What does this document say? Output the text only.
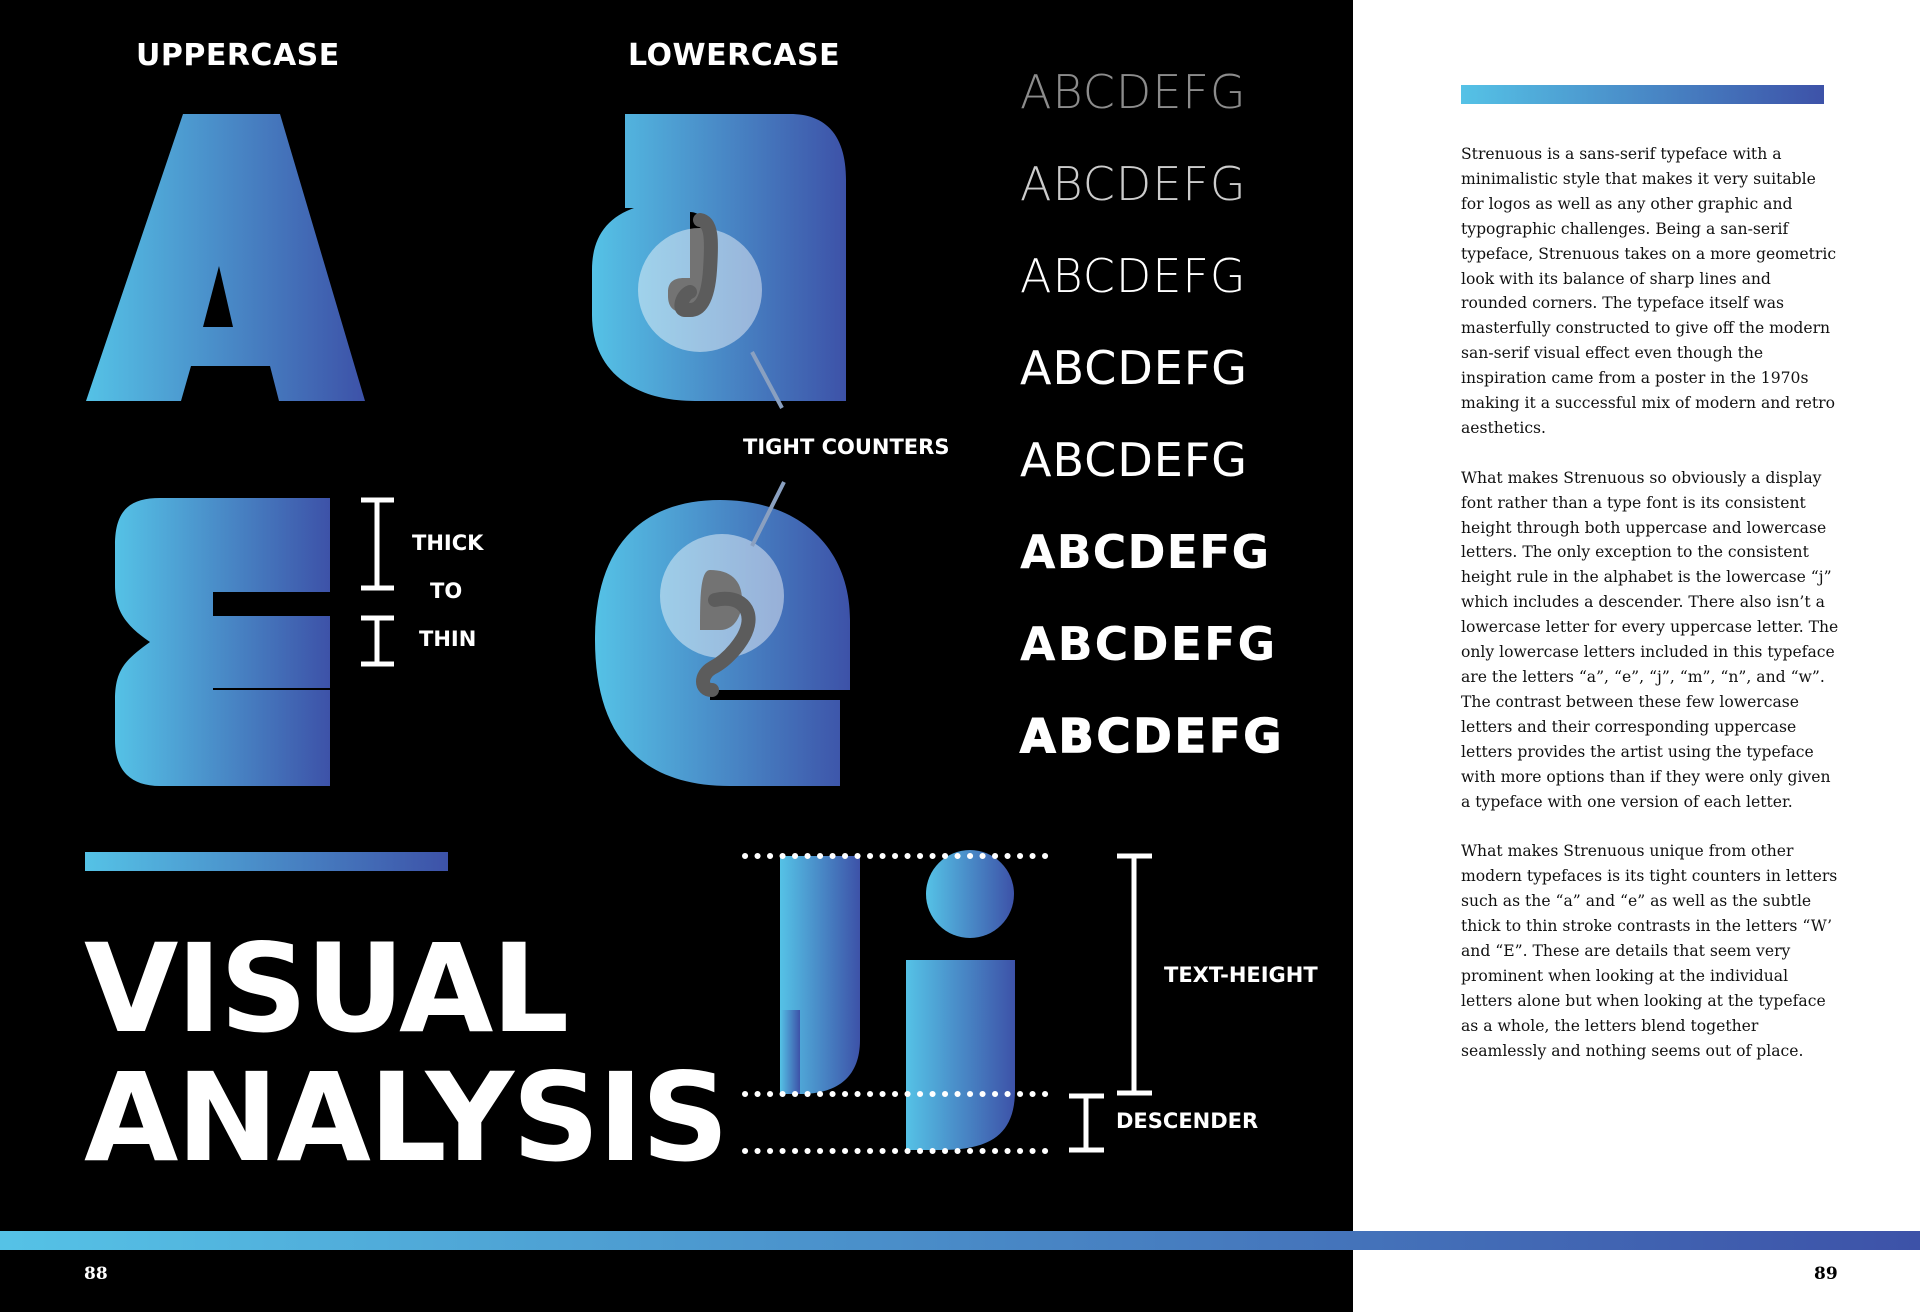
UPPERCASE	LOWERCASE
THICK
TO
THIN
TIGHT COUNTERS
TEXT-HEIGHT
DESCENDER
VISUAL
ANALYSIS
ABCDEFG
ABCDEFG
ABCDEFG
ABCDEFG
ABCDEFG
ABCDEFG
ABCDEFG
ABCDEFG

Strenuous is a sans-serif typeface with a minimalistic style that makes it very suitable for logos as well as any other graphic and typographic challenges. Being a san-serif typeface, Strenuous takes on a more geometric look with its balance of sharp lines and rounded corners. The typeface itself was masterfully constructed to give off the modern san-serif visual effect even though the inspiration came from a poster in the 1970s making it a successful mix of modern and retro aesthetics.

What makes Strenuous so obviously a display font rather than a type font is its consistent height through both uppercase and lowercase letters. The only exception to the consistent height rule in the alphabet is the lowercase “j” which includes a descender. There also isn’t a lowercase letter for every uppercase letter. The only lowercase letters included in this typeface are the letters “a”, “e”, “j”, “m”, “n”, and “w”. The contrast between these few lowercase letters and their corresponding uppercase letters provides the artist using the typeface with more options than if they were only given a typeface with one version of each letter.

What makes Strenuous unique from other modern typefaces is its tight counters in letters such as the “a” and “e” as well as the subtle thick to thin stroke contrasts in the letters “W’ and “E”. These are details that seem very prominent when looking at the individual letters alone but when looking at the typeface as a whole, the letters blend together seamlessly and nothing seems out of place.

88	89
